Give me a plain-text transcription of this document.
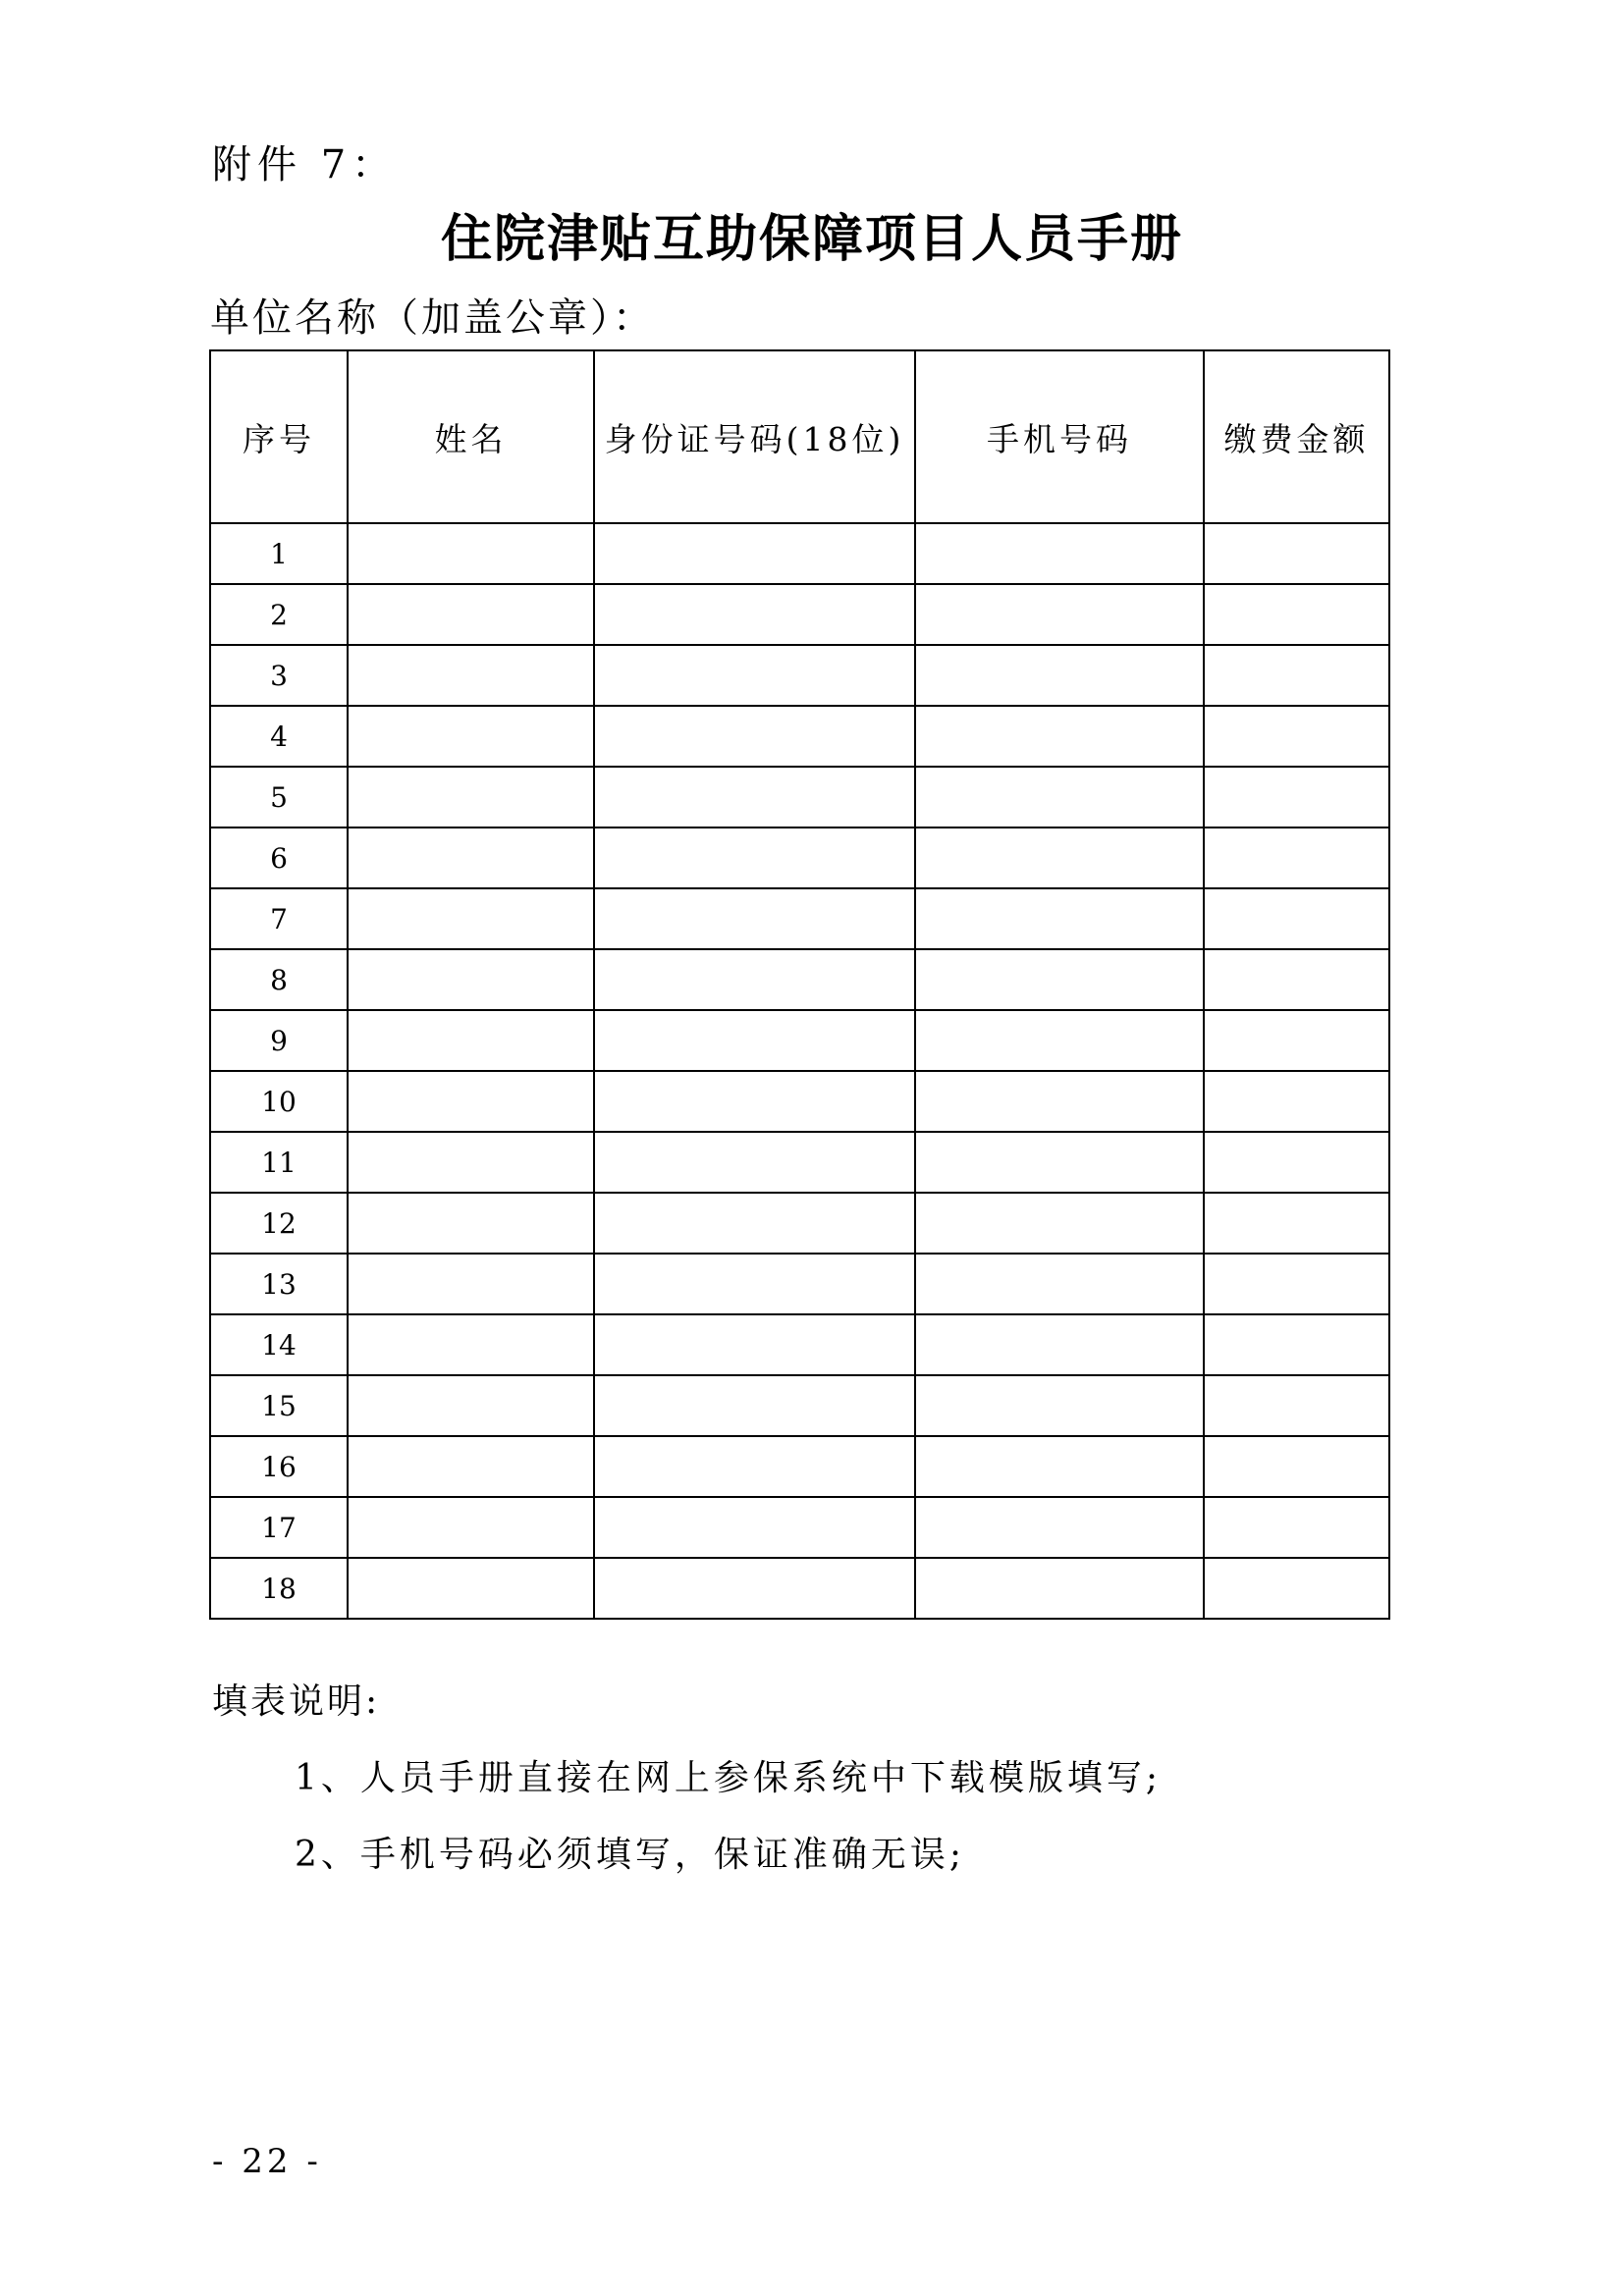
附件 7：
住院津贴互助保障项目人员手册
单位名称（加盖公章）：
序号	姓名	身份证号码(18位)	手机号码	缴费金额
1				
2				
3				
4				
5				
6				
7				
8				
9				
10				
11				
12				
13				
14				
15				
16				
17				
18				
填表说明:
1、人员手册直接在网上参保系统中下载模版填写;
2、手机号码必须填写，保证准确无误;
- 22 -
